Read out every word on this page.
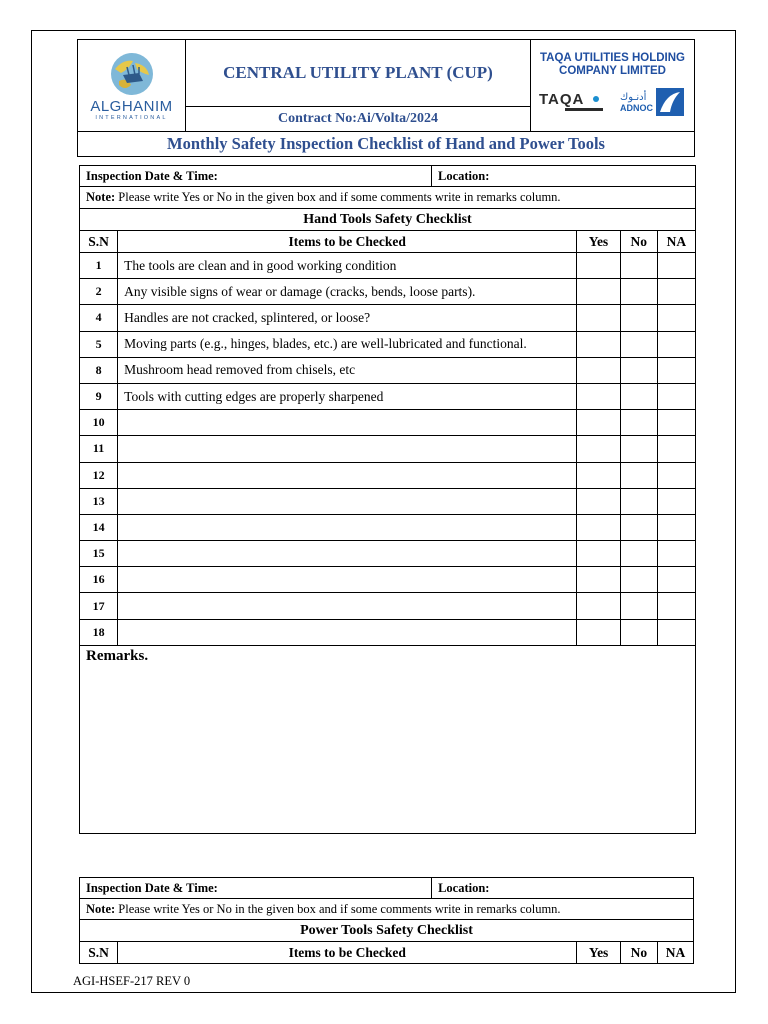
ALGHANIM
INTERNATIONAL
	CENTRAL UTILITY PLANT (CUP)	
TAQA UTILITIES HOLDING COMPANY LIMITED
TAQA	أدنـوك
ADNOC

Contract No:Ai/Volta/2024
Monthly Safety Inspection Checklist of Hand and Power Tools
Inspection Date & Time:		Location:			
Note: Please write Yes or No in the given box and if some comments write in remarks column.					
Hand Tools Safety Checklist					
S.N	Items to be Checked		Yes	No	NA
1	The tools are clean and in good working condition				
2	Any visible signs of wear or damage (cracks, bends, loose parts).				
4	Handles are not cracked, splintered, or loose?				
5	Moving parts (e.g., hinges, blades, etc.) are well-lubricated and functional.				
8	Mushroom head removed from chisels, etc				
9	Tools with cutting edges are properly sharpened				
10					
11					
12					
13					
14					
15					
16					
17					
18					
Remarks.					
Inspection Date & Time:		Location:			
Note: Please write Yes or No in the given box and if some comments write in remarks column.					
Power Tools Safety Checklist					
S.N	Items to be Checked		Yes	No	NA
AGI-HSEF-217 REV 0
